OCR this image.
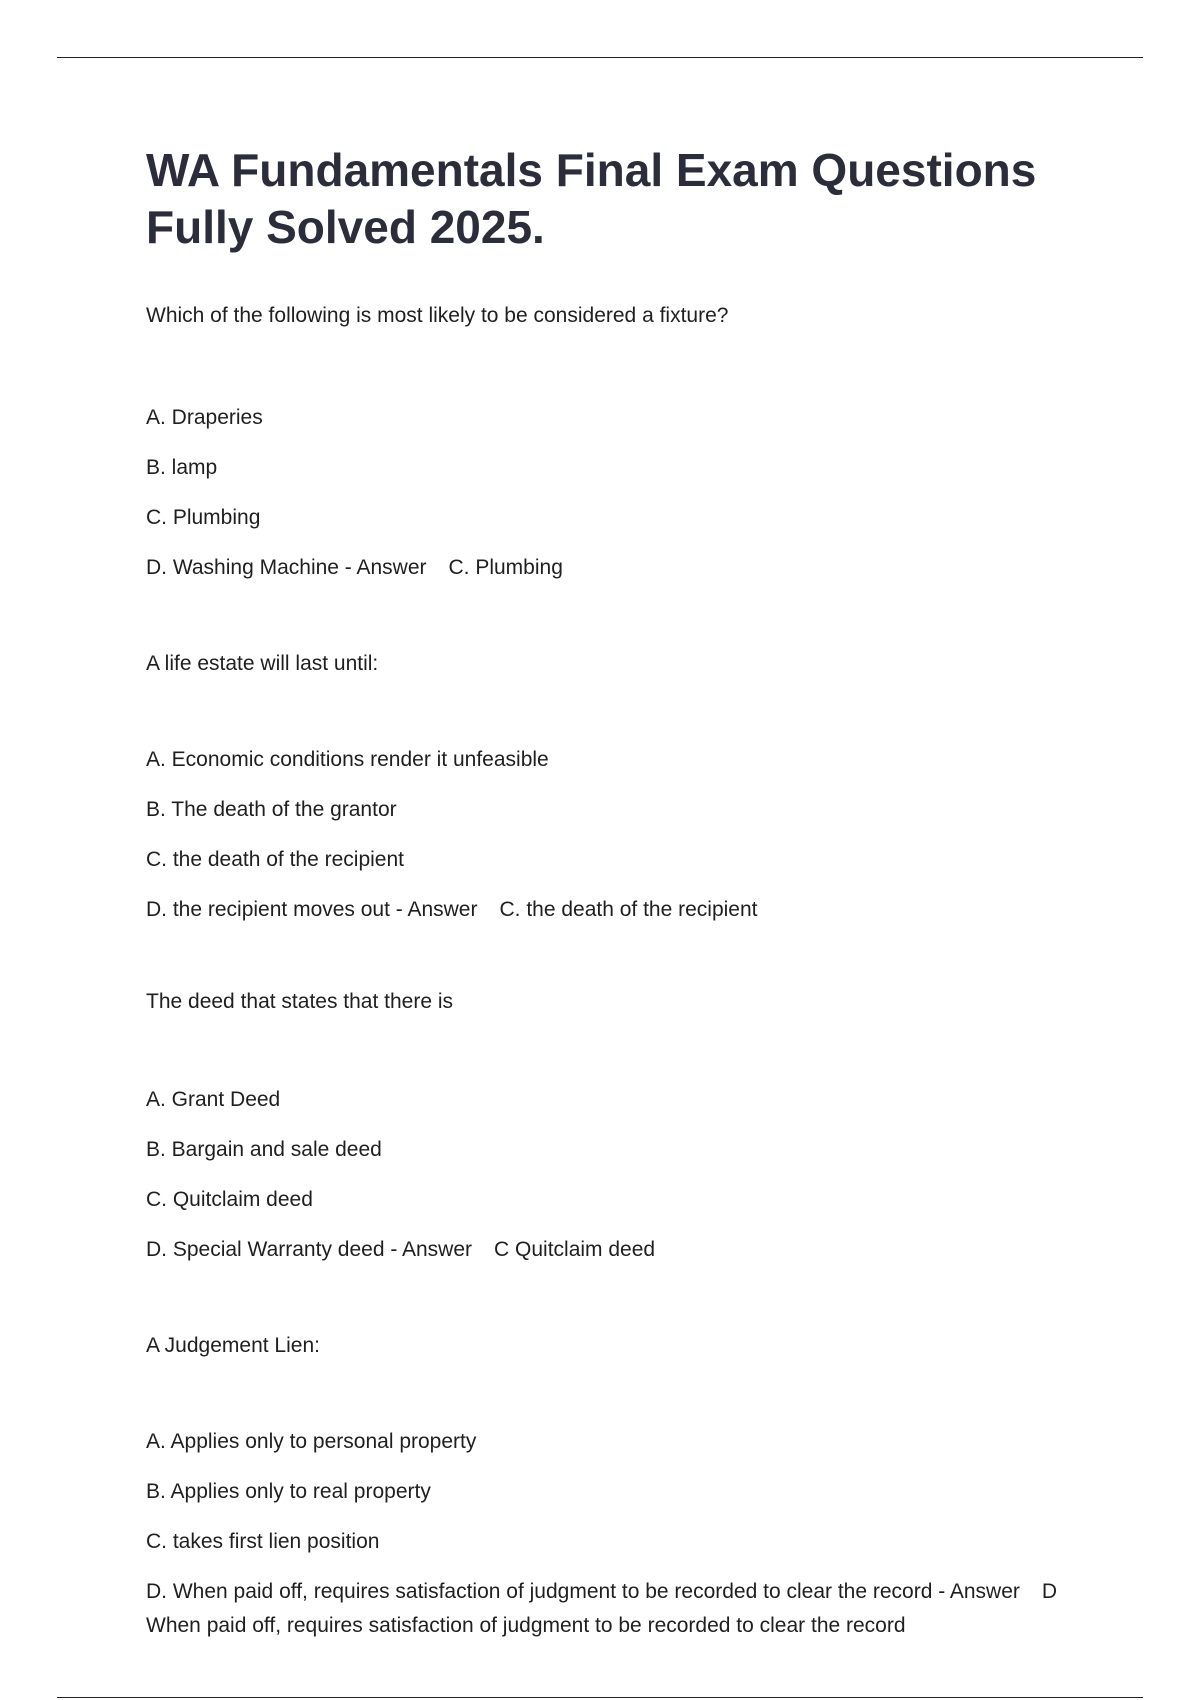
WA Fundamentals Final Exam Questions
Fully Solved 2025.

Which of the following is most likely to be considered a fixture?

A. Draperies
B. lamp
C. Plumbing
D. Washing Machine - Answer C. Plumbing

A life estate will last until:

A. Economic conditions render it unfeasible
B. The death of the grantor
C. the death of the recipient
D. the recipient moves out - Answer C. the death of the recipient

The deed that states that there is

A. Grant Deed
B. Bargain and sale deed
C. Quitclaim deed
D. Special Warranty deed - Answer C Quitclaim deed

A Judgement Lien:

A. Applies only to personal property
B. Applies only to real property
C. takes first lien position
D. When paid off, requires satisfaction of judgment to be recorded to clear the record - Answer D When paid off, requires satisfaction of judgment to be recorded to clear the record
